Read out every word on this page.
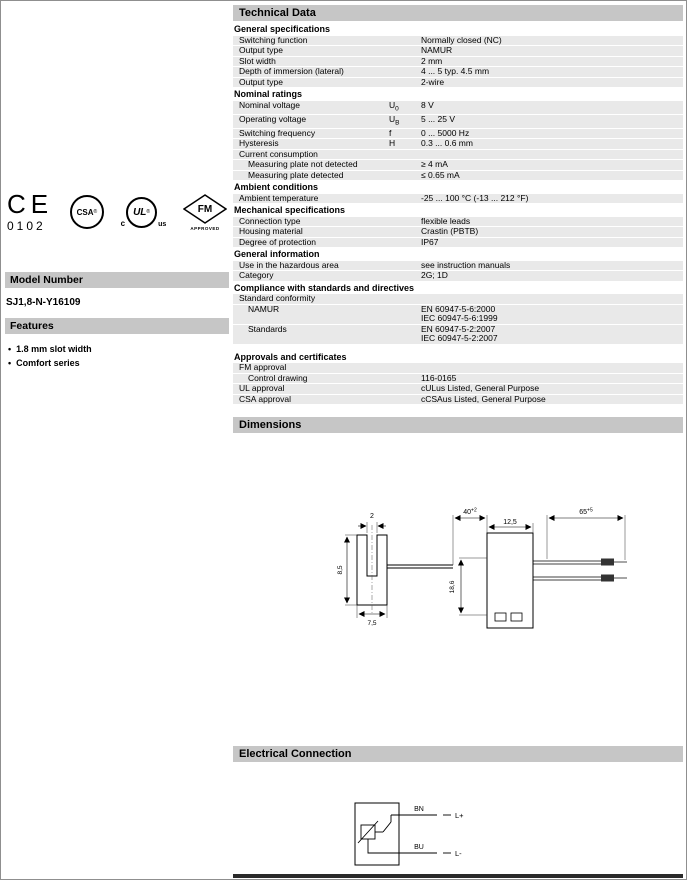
CE
0102
CSA ®
c
UL ®
us
FM
APPROVED
Model Number
SJ1,8-N-Y16109
Features
• 1.8 mm slot width
• Comfort series
Technical Data
General specifications
Switching function	Normally closed (NC)
Output type	NAMUR
Slot width	2 mm
Depth of immersion (lateral)	4 ... 5 typ. 4.5 mm
Output type	2-wire
Nominal ratings
Nominal voltage	$U_0$	8 V
Operating voltage	$U_B$	5 ... 25 V
Switching frequency	f	0 ... 5000 Hz
Hysteresis	H	0.3 ... 0.6 mm
Current consumption
Measuring plate not detected	≥ 4 mA
Measuring plate detected	≤ 0.65 mA
Ambient conditions
Ambient temperature	-25 ... 100 °C (-13 ... 212 °F)
Mechanical specifications
Connection type	flexible leads
Housing material	Crastin (PBTB)
Degree of protection	IP67
General information
Use in the hazardous area	see instruction manuals
Category	2G; 1D
Compliance with standards and directives
Standard conformity
NAMUR	EN 60947-5-6:2000
IEC 60947-5-6:1999
Standards	EN 60947-5-2:2007
IEC 60947-5-2:2007
Approvals and certificates
FM approval
Control drawing	116-0165
UL approval	cULus Listed, General Purpose
CSA approval	cCSAus Listed, General Purpose
Dimensions
2
8,5
7,5
$40^{+2}$
12,5
18,6
$65^{+5}$
Electrical Connection
BN
BU
L+
L-
